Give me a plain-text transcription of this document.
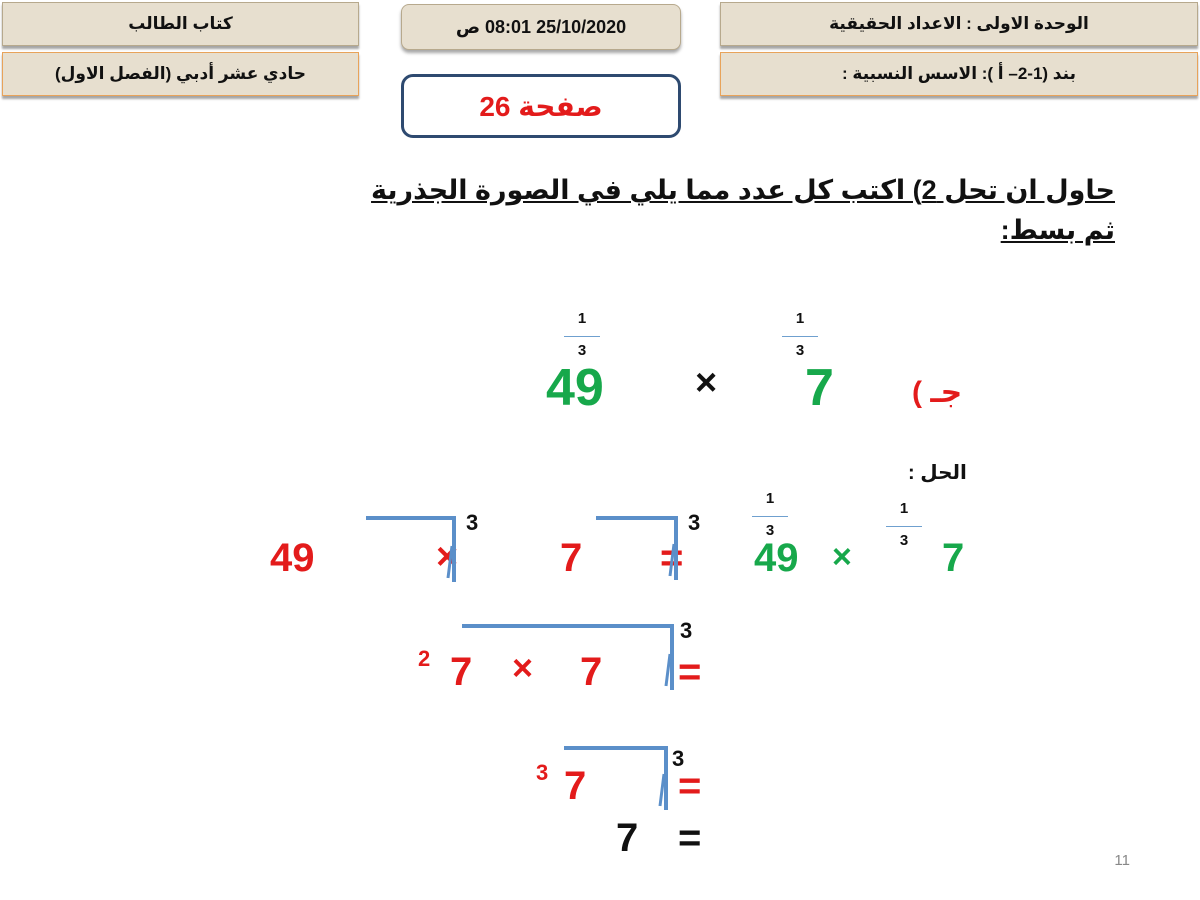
كتاب الطالب
حادي عشر أدبي (الفصل الاول)
الوحدة الاولى : الاعداد الحقيقية
بند (1-2– أ ): الاسس النسبية :
25/10/2020 08:01 ص
صفحة 26
حاول ان تحل 2) اكتب كل عدد مما يلي في الصورة الجذرية
ثم بسط:
جـ )
1
3
7
×
1
3
49
الحل :
7
1
3
×
1
3
49
=
3
7
×
3
49
=
3
7
×
7
2
=
3
7
3
=
7
11
